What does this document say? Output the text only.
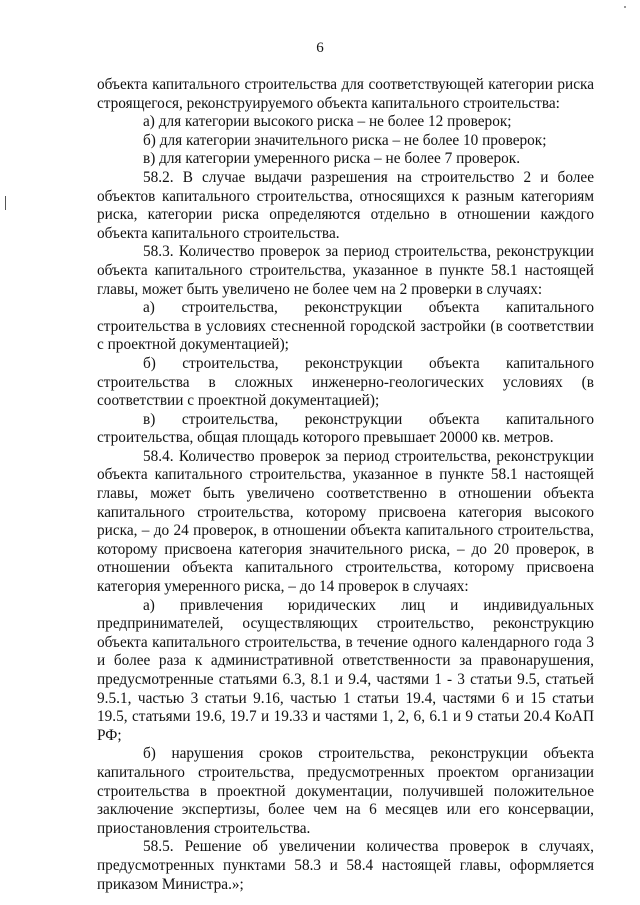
6

объекта капитального строительства для соответствующей категории риска строящегося, реконструируемого объекта капитального строительства:

а) для категории высокого риска – не более 12 проверок;

б) для категории значительного риска – не более 10 проверок;

в) для категории умеренного риска – не более 7 проверок.

58.2. В случае выдачи разрешения на строительство 2 и более объектов капитального строительства, относящихся к разным категориям риска, категории риска определяются отдельно в отношении каждого объекта капитального строительства.

58.3. Количество проверок за период строительства, реконструкции объекта капитального строительства, указанное в пункте 58.1 настоящей главы, может быть увеличено не более чем на 2 проверки в случаях:

а) строительства, реконструкции объекта капитального строительства в условиях стесненной городской застройки (в соответствии с проектной документацией);

б) строительства, реконструкции объекта капитального строительства в сложных инженерно-геологических условиях (в соответствии с проектной документацией);

в) строительства, реконструкции объекта капитального строительства, общая площадь которого превышает 20000 кв. метров.

58.4. Количество проверок за период строительства, реконструкции объекта капитального строительства, указанное в пункте 58.1 настоящей главы, может быть увеличено соответственно в отношении объекта капитального строительства, которому присвоена категория высокого риска, – до 24 проверок, в отношении объекта капитального строительства, которому присвоена категория значительного риска, – до 20 проверок, в отношении объекта капитального строительства, которому присвоена категория умеренного риска, – до 14 проверок в случаях:

а) привлечения юридических лиц и индивидуальных предпринимателей, осуществляющих строительство, реконструкцию объекта капитального строительства, в течение одного календарного года 3 и более раза к административной ответственности за правонарушения, предусмотренные статьями 6.3, 8.1 и 9.4, частями 1 - 3 статьи 9.5, статьей 9.5.1, частью 3 статьи 9.16, частью 1 статьи 19.4, частями 6 и 15 статьи 19.5, статьями 19.6, 19.7 и 19.33 и частями 1, 2, 6, 6.1 и 9 статьи 20.4 КоАП РФ;

б) нарушения сроков строительства, реконструкции объекта капитального строительства, предусмотренных проектом организации строительства в проектной документации, получившей положительное заключение экспертизы, более чем на 6 месяцев или его консервации, приостановления строительства.

58.5. Решение об увеличении количества проверок в случаях, предусмотренных пунктами 58.3 и 58.4 настоящей главы, оформляется приказом Министра.»;
